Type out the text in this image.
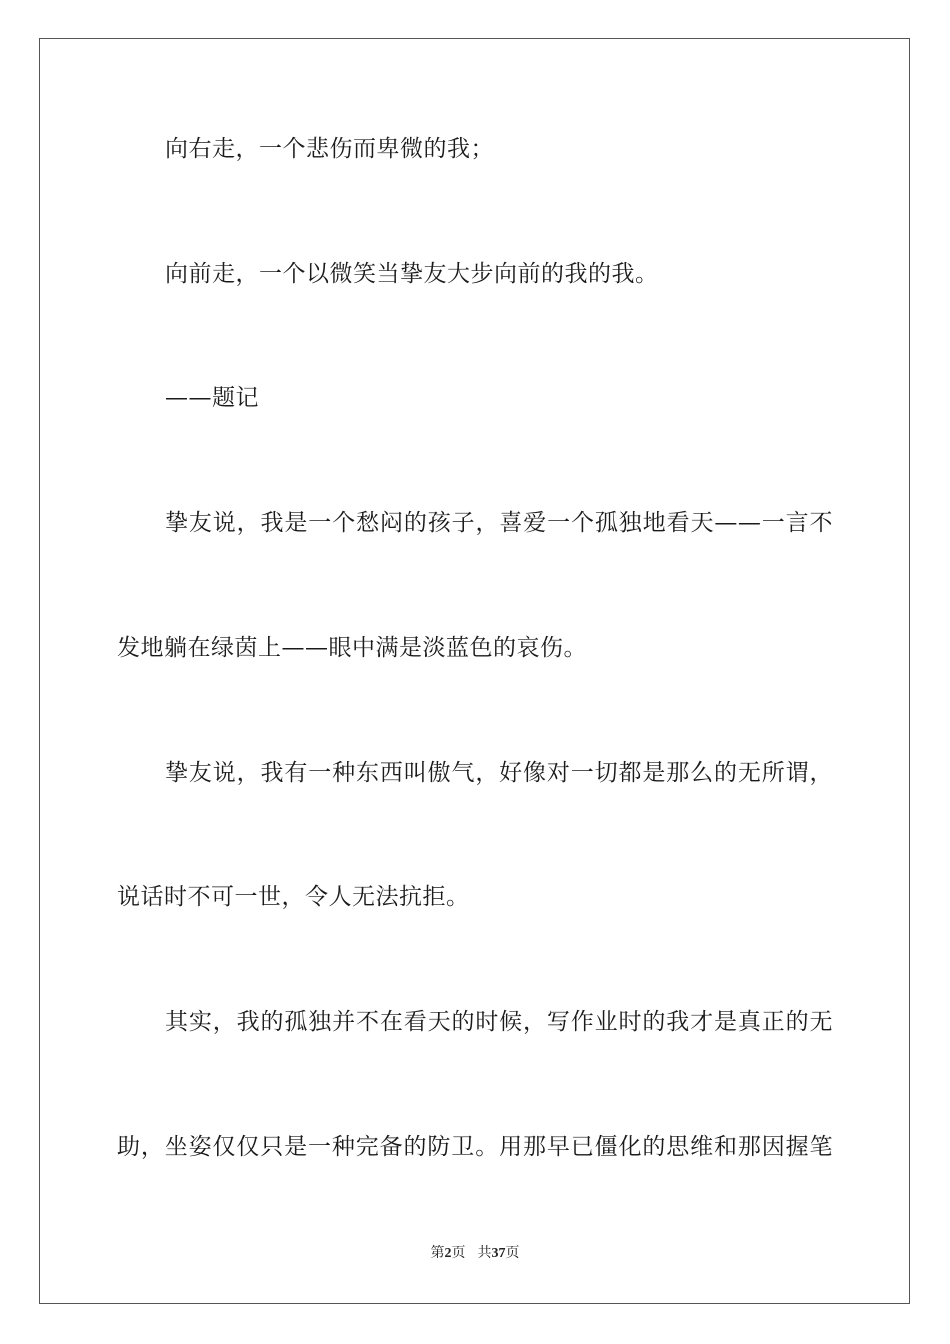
向右走，一个悲伤而卑微的我；
向前走，一个以微笑当挚友大步向前的我的我。
——题记
挚友说，我是一个愁闷的孩子，喜爱一个孤独地看天——一言不
发地躺在绿茵上——眼中满是淡蓝色的哀伤。
挚友说，我有一种东西叫傲气，好像对一切都是那么的无所谓，
说话时不可一世，令人无法抗拒。
其实，我的孤独并不在看天的时候，写作业时的我才是真正的无
助，坐姿仅仅只是一种完备的防卫。用那早已僵化的思维和那因握笔
第2页 共37页
